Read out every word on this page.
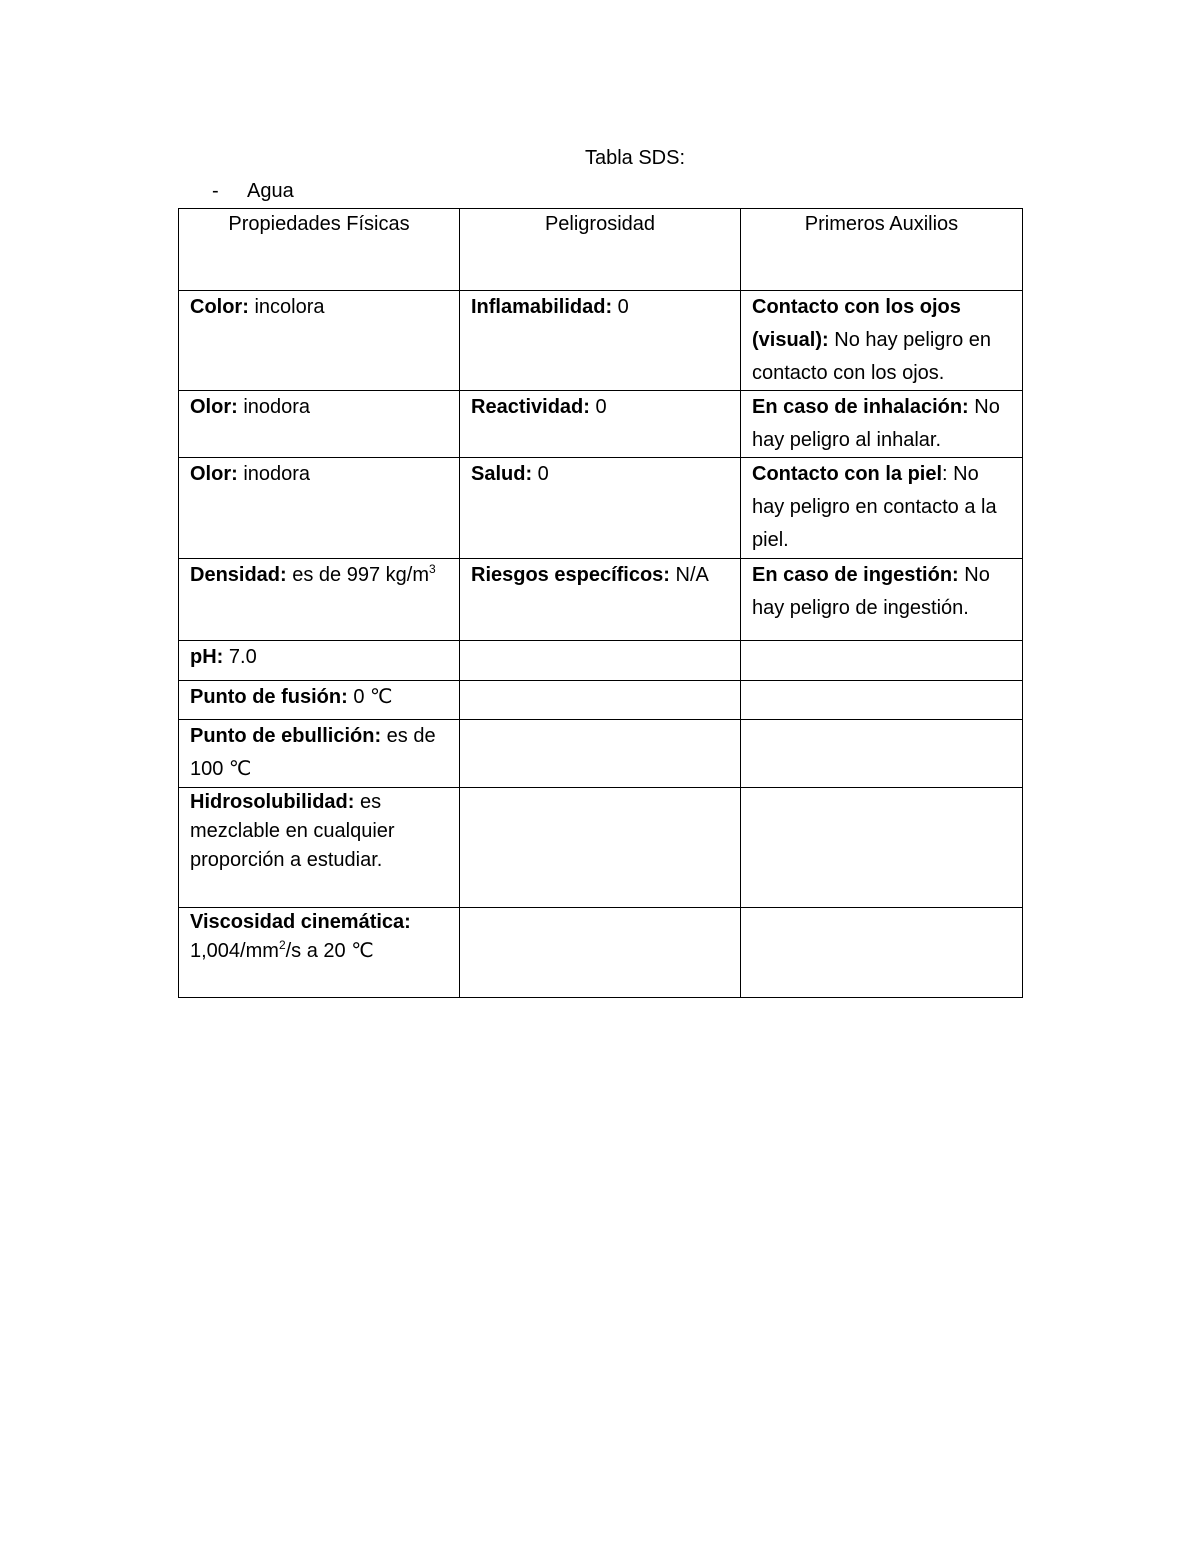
Tabla SDS:
-	Agua
Propiedades Físicas	Peligrosidad	Primeros Auxilios
Color: incolora	Inflamabilidad: 0	Contacto con los ojos (visual): No hay peligro en contacto con los ojos.
Olor: inodora	Reactividad: 0	En caso de inhalación: No hay peligro al inhalar.
Olor: inodora	Salud: 0	Contacto con la piel: No hay peligro en contacto a la piel.
Densidad: es de 997 $kg/m^3$	Riesgos específicos: N/A	En caso de ingestión: No hay peligro de ingestión.
pH: 7.0		
Punto de fusión: 0 ℃		
Punto de ebullición: es de 100 ℃		
Hidrosolubilidad: es mezclable en cualquier proporción a estudiar.		
Viscosidad cinemática:
$1,004/mm^2/s$ a 20 ℃		
